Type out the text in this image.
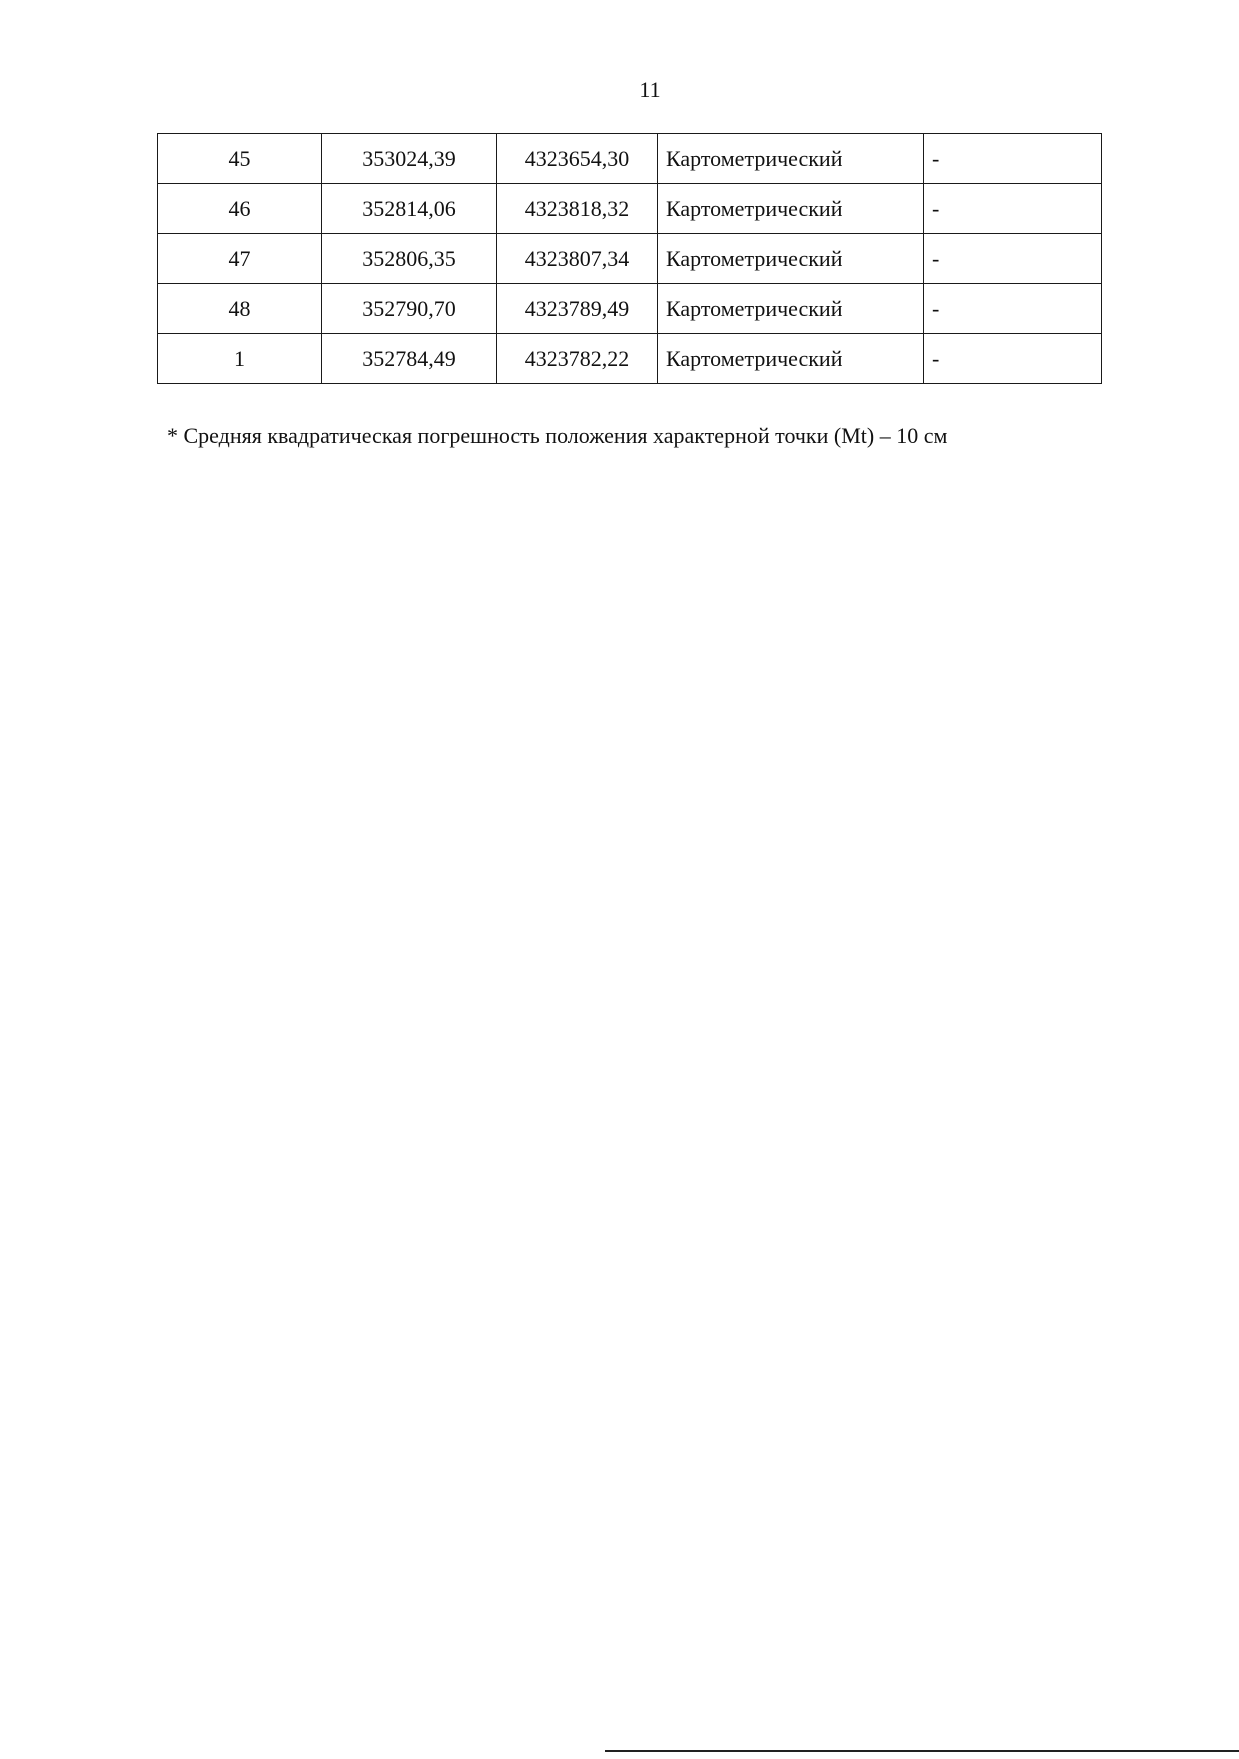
11
45	353024,39	4323654,30	Картометрический	-
46	352814,06	4323818,32	Картометрический	-
47	352806,35	4323807,34	Картометрический	-
48	352790,70	4323789,49	Картометрический	-
1	352784,49	4323782,22	Картометрический	-
* Средняя квадратическая погрешность положения характерной точки (Mt) – 10 см
